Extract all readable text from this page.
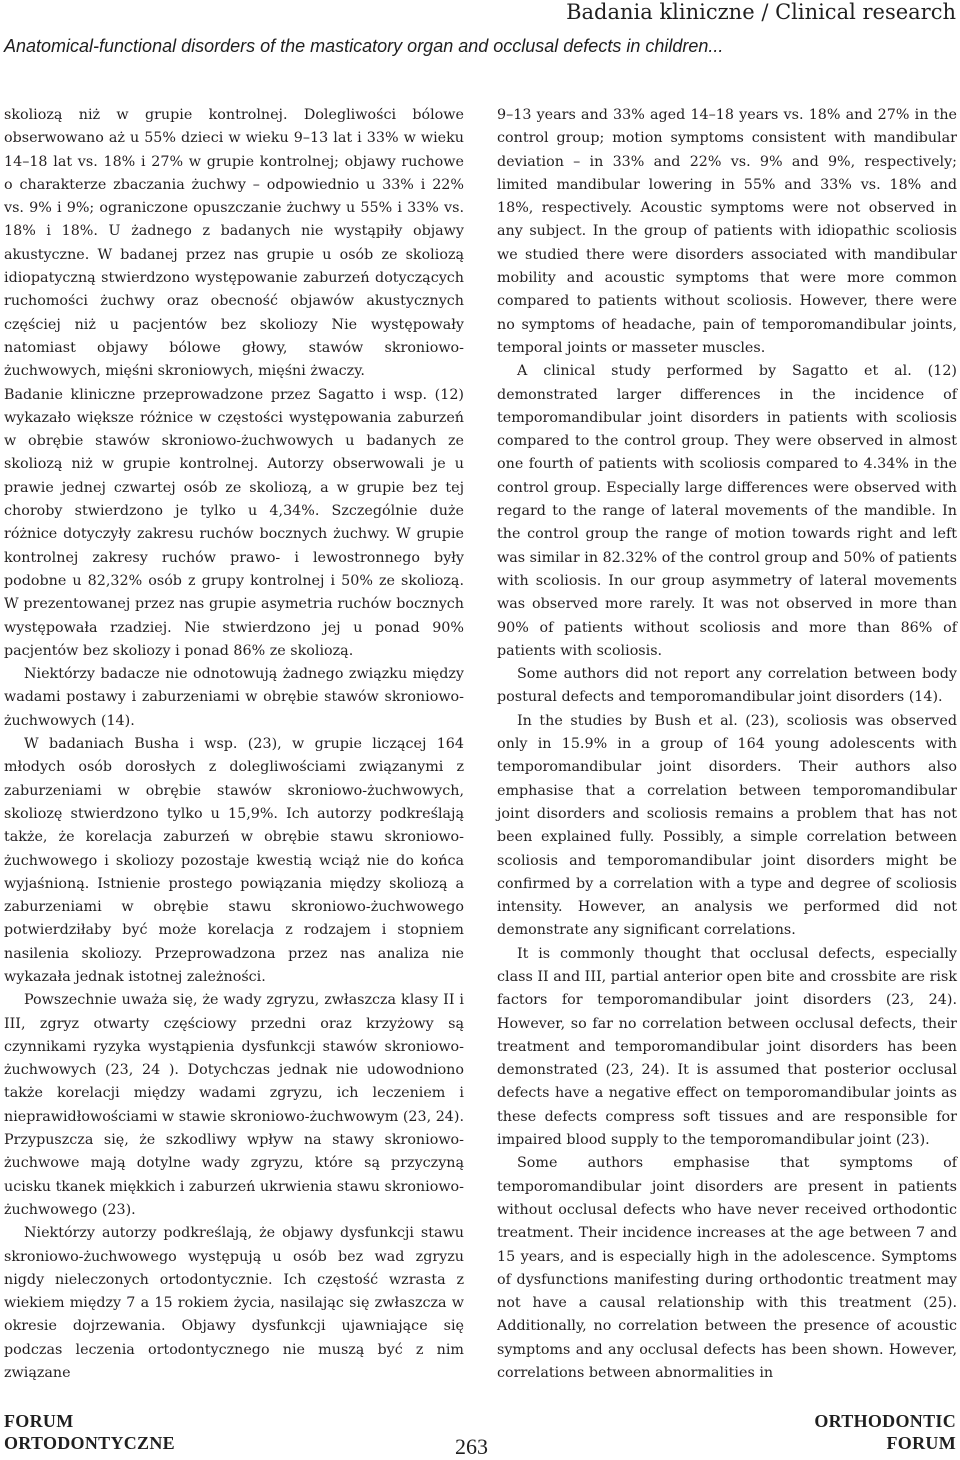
Badania kliniczne / Clinical research
Anatomical-functional disorders of the masticatory organ and occlusal defects in children...

skoliozą niż w grupie kontrolnej. Dolegliwości bólowe obserwowano aż u 55% dzieci w wieku 9–13 lat i 33% w wieku 14–18 lat vs. 18% i 27% w grupie kontrolnej; objawy ruchowe o charakterze zbaczania żuchwy – odpowiednio u 33% i 22% vs. 9% i 9%; ograniczone opuszczanie żuchwy u 55% i 33% vs. 18% i 18%. U żadnego z badanych nie wystąpiły objawy akustyczne. W badanej przez nas grupie u osób ze skoliozą idiopatyczną stwierdzono występowanie zaburzeń dotyczących ruchomości żuchwy oraz obecność objawów akustycznych częściej niż u pacjentów bez skoliozy Nie występowały natomiast objawy bólowe głowy, stawów skroniowo-żuchwowych, mięśni skroniowych, mięśni żwaczy.

Badanie kliniczne przeprowadzone przez Sagatto i wsp. (12) wykazało większe różnice w częstości występowania zaburzeń w obrębie stawów skroniowo-żuchwowych u badanych ze skoliozą niż w grupie kontrolnej. Autorzy obserwowali je u prawie jednej czwartej osób ze skoliozą, a w grupie bez tej choroby stwierdzono je tylko u 4,34%. Szczególnie duże różnice dotyczyły zakresu ruchów bocznych żuchwy. W grupie kontrolnej zakresy ruchów prawo- i lewostronnego były podobne u 82,32% osób z grupy kontrolnej i 50% ze skoliozą. W prezentowanej przez nas grupie asymetria ruchów bocznych występowała rzadziej. Nie stwierdzono jej u ponad 90% pacjentów bez skoliozy i ponad 86% ze skoliozą.

Niektórzy badacze nie odnotowują żadnego związku między wadami postawy i zaburzeniami w obrębie stawów skroniowo-żuchwowych (14).

W badaniach Busha i wsp. (23), w grupie liczącej 164 młodych osób dorosłych z dolegliwościami związanymi z zaburzeniami w obrębie stawów skroniowo-żuchwowych, skoliozę stwierdzono tylko u 15,9%. Ich autorzy podkreślają także, że korelacja zaburzeń w obrębie stawu skroniowo-żuchwowego i skoliozy pozostaje kwestią wciąż nie do końca wyjaśnioną. Istnienie prostego powiązania między skoliozą a zaburzeniami w obrębie stawu skroniowo-żuchwowego potwierdziłaby być może korelacja z rodzajem i stopniem nasilenia skoliozy. Przeprowadzona przez nas analiza nie wykazała jednak istotnej zależności.

Powszechnie uważa się, że wady zgryzu, zwłaszcza klasy II i III, zgryz otwarty częściowy przedni oraz krzyżowy są czynnikami ryzyka wystąpienia dysfunkcji stawów skroniowo-żuchwowych (23, 24 ). Dotychczas jednak nie udowodniono także korelacji między wadami zgryzu, ich leczeniem i nieprawidłowościami w stawie skroniowo-żuchwowym (23, 24). Przypuszcza się, że szkodliwy wpływ na stawy skroniowo-żuchwowe mają dotylne wady zgryzu, które są przyczyną ucisku tkanek miękkich i zaburzeń ukrwienia stawu skroniowo-żuchwowego (23).

Niektórzy autorzy podkreślają, że objawy dysfunkcji stawu skroniowo-żuchwowego występują u osób bez wad zgryzu nigdy nieleczonych ortodontycznie. Ich częstość wzrasta z wiekiem między 7 a 15 rokiem życia, nasilając się zwłaszcza w okresie dojrzewania. Objawy dysfunkcji ujawniające się podczas leczenia ortodontycznego nie muszą być z nim związane

9–13 years and 33% aged 14–18 years vs. 18% and 27% in the control group; motion symptoms consistent with mandibular deviation – in 33% and 22% vs. 9% and 9%, respectively; limited mandibular lowering in 55% and 33% vs. 18% and 18%, respectively. Acoustic symptoms were not observed in any subject. In the group of patients with idiopathic scoliosis we studied there were disorders associated with mandibular mobility and acoustic symptoms that were more common compared to patients without scoliosis. However, there were no symptoms of headache, pain of temporomandibular joints, temporal joints or masseter muscles.

A clinical study performed by Sagatto et al. (12) demonstrated larger differences in the incidence of temporomandibular joint disorders in patients with scoliosis compared to the control group. They were observed in almost one fourth of patients with scoliosis compared to 4.34% in the control group. Especially large differences were observed with regard to the range of lateral movements of the mandible. In the control group the range of motion towards right and left was similar in 82.32% of the control group and 50% of patients with scoliosis. In our group asymmetry of lateral movements was observed more rarely. It was not observed in more than 90% of patients without scoliosis and more than 86% of patients with scoliosis.

Some authors did not report any correlation between body postural defects and temporomandibular joint disorders (14).

In the studies by Bush et al. (23), scoliosis was observed only in 15.9% in a group of 164 young adolescents with temporomandibular joint disorders. Their authors also emphasise that a correlation between temporomandibular joint disorders and scoliosis remains a problem that has not been explained fully. Possibly, a simple correlation between scoliosis and temporomandibular joint disorders might be confirmed by a correlation with a type and degree of scoliosis intensity. However, an analysis we performed did not demonstrate any significant correlations.

It is commonly thought that occlusal defects, especially class II and III, partial anterior open bite and crossbite are risk factors for temporomandibular joint disorders (23, 24). However, so far no correlation between occlusal defects, their treatment and temporomandibular joint disorders has been demonstrated (23, 24). It is assumed that posterior occlusal defects have a negative effect on temporomandibular joints as these defects compress soft tissues and are responsible for impaired blood supply to the temporomandibular joint (23).

Some authors emphasise that symptoms of temporomandibular joint disorders are present in patients without occlusal defects who have never received orthodontic treatment. Their incidence increases at the age between 7 and 15 years, and is especially high in the adolescence. Symptoms of dysfunctions manifesting during orthodontic treatment may not have a causal relationship with this treatment (25). Additionally, no correlation between the presence of acoustic symptoms and any occlusal defects has been shown. However, correlations between abnormalities in

FORUM
ORTODONTYCZNE	263
ORTHODONTIC
FORUM
